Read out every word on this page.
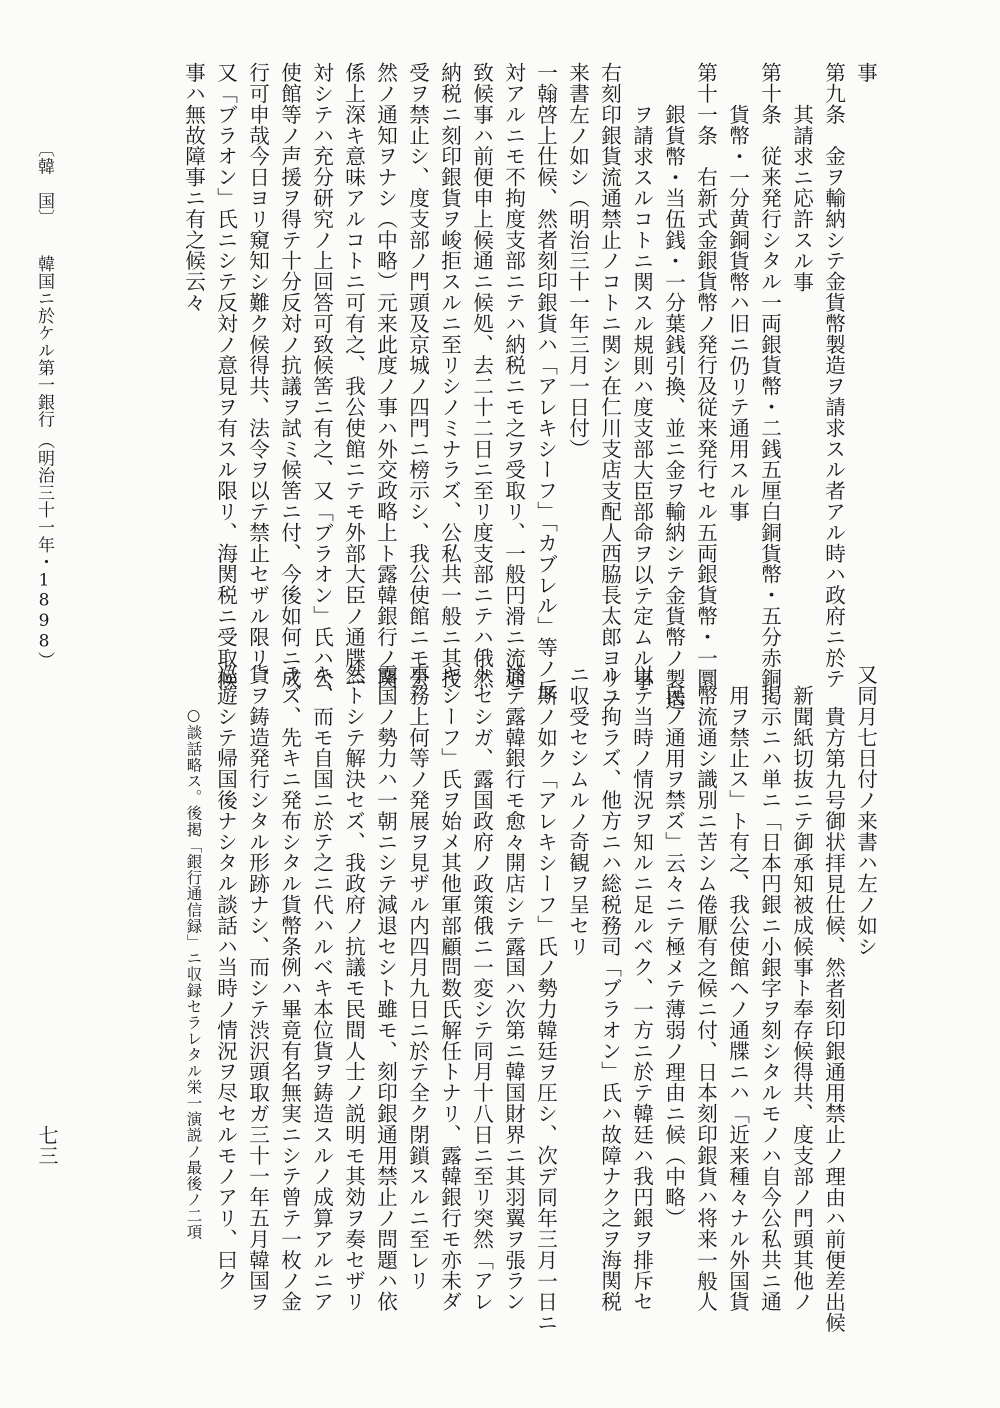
事
第九条　金ヲ輸納シテ金貨幣製造ヲ請求スル者アル時ハ政府ニ於テ
其請求ニ応許スル事
第十条　従来発行シタル一両銀貨幣・二銭五厘白銅貨幣・五分赤銅
貨幣・一分黄銅貨幣ハ旧ニ仍リテ通用スル事
第十一条　右新式金銀貨幣ノ発行及従来発行セル五両銀貨幣・一圜
銀貨幣・当伍銭・一分葉銭引換、並ニ金ヲ輸納シテ金貨幣ノ製造
ヲ請求スルコトニ関スル規則ハ度支部大臣部命ヲ以テ定ムル事
右刻印銀貨流通禁止ノコトニ関シ在仁川支店支配人西脇長太郎ヨリノ
来書左ノ如シ（明治三十一年三月一日付）
一翰啓上仕候、然者刻印銀貨ハ「アレキシーフ」「カブレル」等ノ反
対アルニモ不拘度支部ニテハ納税ニモ之ヲ受取リ、一般円滑ニ流通
致候事ハ前便申上候通ニ候処、去二十二日ニ至リ度支部ニテハ俄然
納税ニ刻印銀貨ヲ峻拒スルニ至リシノミナラズ、公私共一般ニ其授
受ヲ禁止シ、度支部ノ門頭及京城ノ四門ニ榜示シ、我公使館ニモ公
然ノ通知ヲナシ（中略）元来此度ノ事ハ外交政略上ト露韓銀行ノ関
係上深キ意味アルコトニ可有之、我公使館ニテモ外部大臣ノ通牒ニ
対シテハ充分研究ノ上回答可致候筈ニ有之、又「ブラオン」氏ハ公
使館等ノ声援ヲ得テ十分反対ノ抗議ヲ試ミ候筈ニ付、今後如何ニ成
行可申哉今日ヨリ窺知シ難ク候得共、法令ヲ以テ禁止セザル限リ、
又「ブラオン」氏ニシテ反対ノ意見ヲ有スル限リ、海関税ニ受取候
事ハ無故障事ニ有之候云々
〔韓　国〕
韓国ニ於ケル第一銀行
（明治三十一年・1898）
又同月七日付ノ来書ハ左ノ如シ
貴方第九号御状拝見仕候、然者刻印銀通用禁止ノ理由ハ前便差出候
新聞紙切抜ニテ御承知被成候事ト奉存候得共、度支部ノ門頭其他ノ
掲示ニハ単ニ「日本円銀ニ小銀字ヲ刻シタルモノハ自今公私共ニ通
用ヲ禁止ス」ト有之、我公使館ヘノ通牒ニハ「近来種々ナル外国貨
幣流通シ識別ニ苦シム倦厭有之候ニ付、日本刻印銀貨ハ将来一般人
民ノ通用ヲ禁ズ」云々ニテ極メテ薄弱ノ理由ニ候（中略）
以テ当時ノ情況ヲ知ルニ足ルベク、一方ニ於テ韓廷ハ我円銀ヲ排斥セ
ルニ拘ラズ、他方ニハ総税務司「ブラオン」氏ハ故障ナク之ヲ海関税
ニ収受セシムルノ奇観ヲ呈セリ
斯ノ如ク「アレキシーフ」氏ノ勢力韓廷ヲ圧シ、次デ同年三月一日ニ
於テ露韓銀行モ愈々開店シテ露国ハ次第ニ韓国財界ニ其羽翼ヲ張ラン
トセシガ、露国政府ノ政策俄ニ一変シテ同月十八日ニ至リ突然「アレ
キシーフ」氏ヲ始メ其他軍部顧問数氏解任トナリ、露韓銀行モ亦未ダ
事務上何等ノ発展ヲ見ザル内四月九日ニ於テ全ク閉鎖スルニ至レリ
露国ノ勢力ハ一朝ニシテ減退セシト雖モ、刻印銀通用禁止ノ問題ハ依
然トシテ解決セズ、我政府ノ抗議モ民間人士ノ説明モ其効ヲ奏セザリ
キ、而モ自国ニ於テ之ニ代ハルベキ本位貨ヲ鋳造スルノ成算アルニア
ラズ、先キニ発布シタル貨幣条例ハ畢竟有名無実ニシテ曾テ一枚ノ金
貨ヲ鋳造発行シタル形跡ナシ、而シテ渋沢頭取ガ三十一年五月韓国ヲ
巡遊シテ帰国後ナシタル談話ハ当時ノ情況ヲ尽セルモノアリ、曰ク
○談話略ス。後掲「銀行通信録」ニ収録セラレタル栄一演説ノ最後ノ二項
七三
